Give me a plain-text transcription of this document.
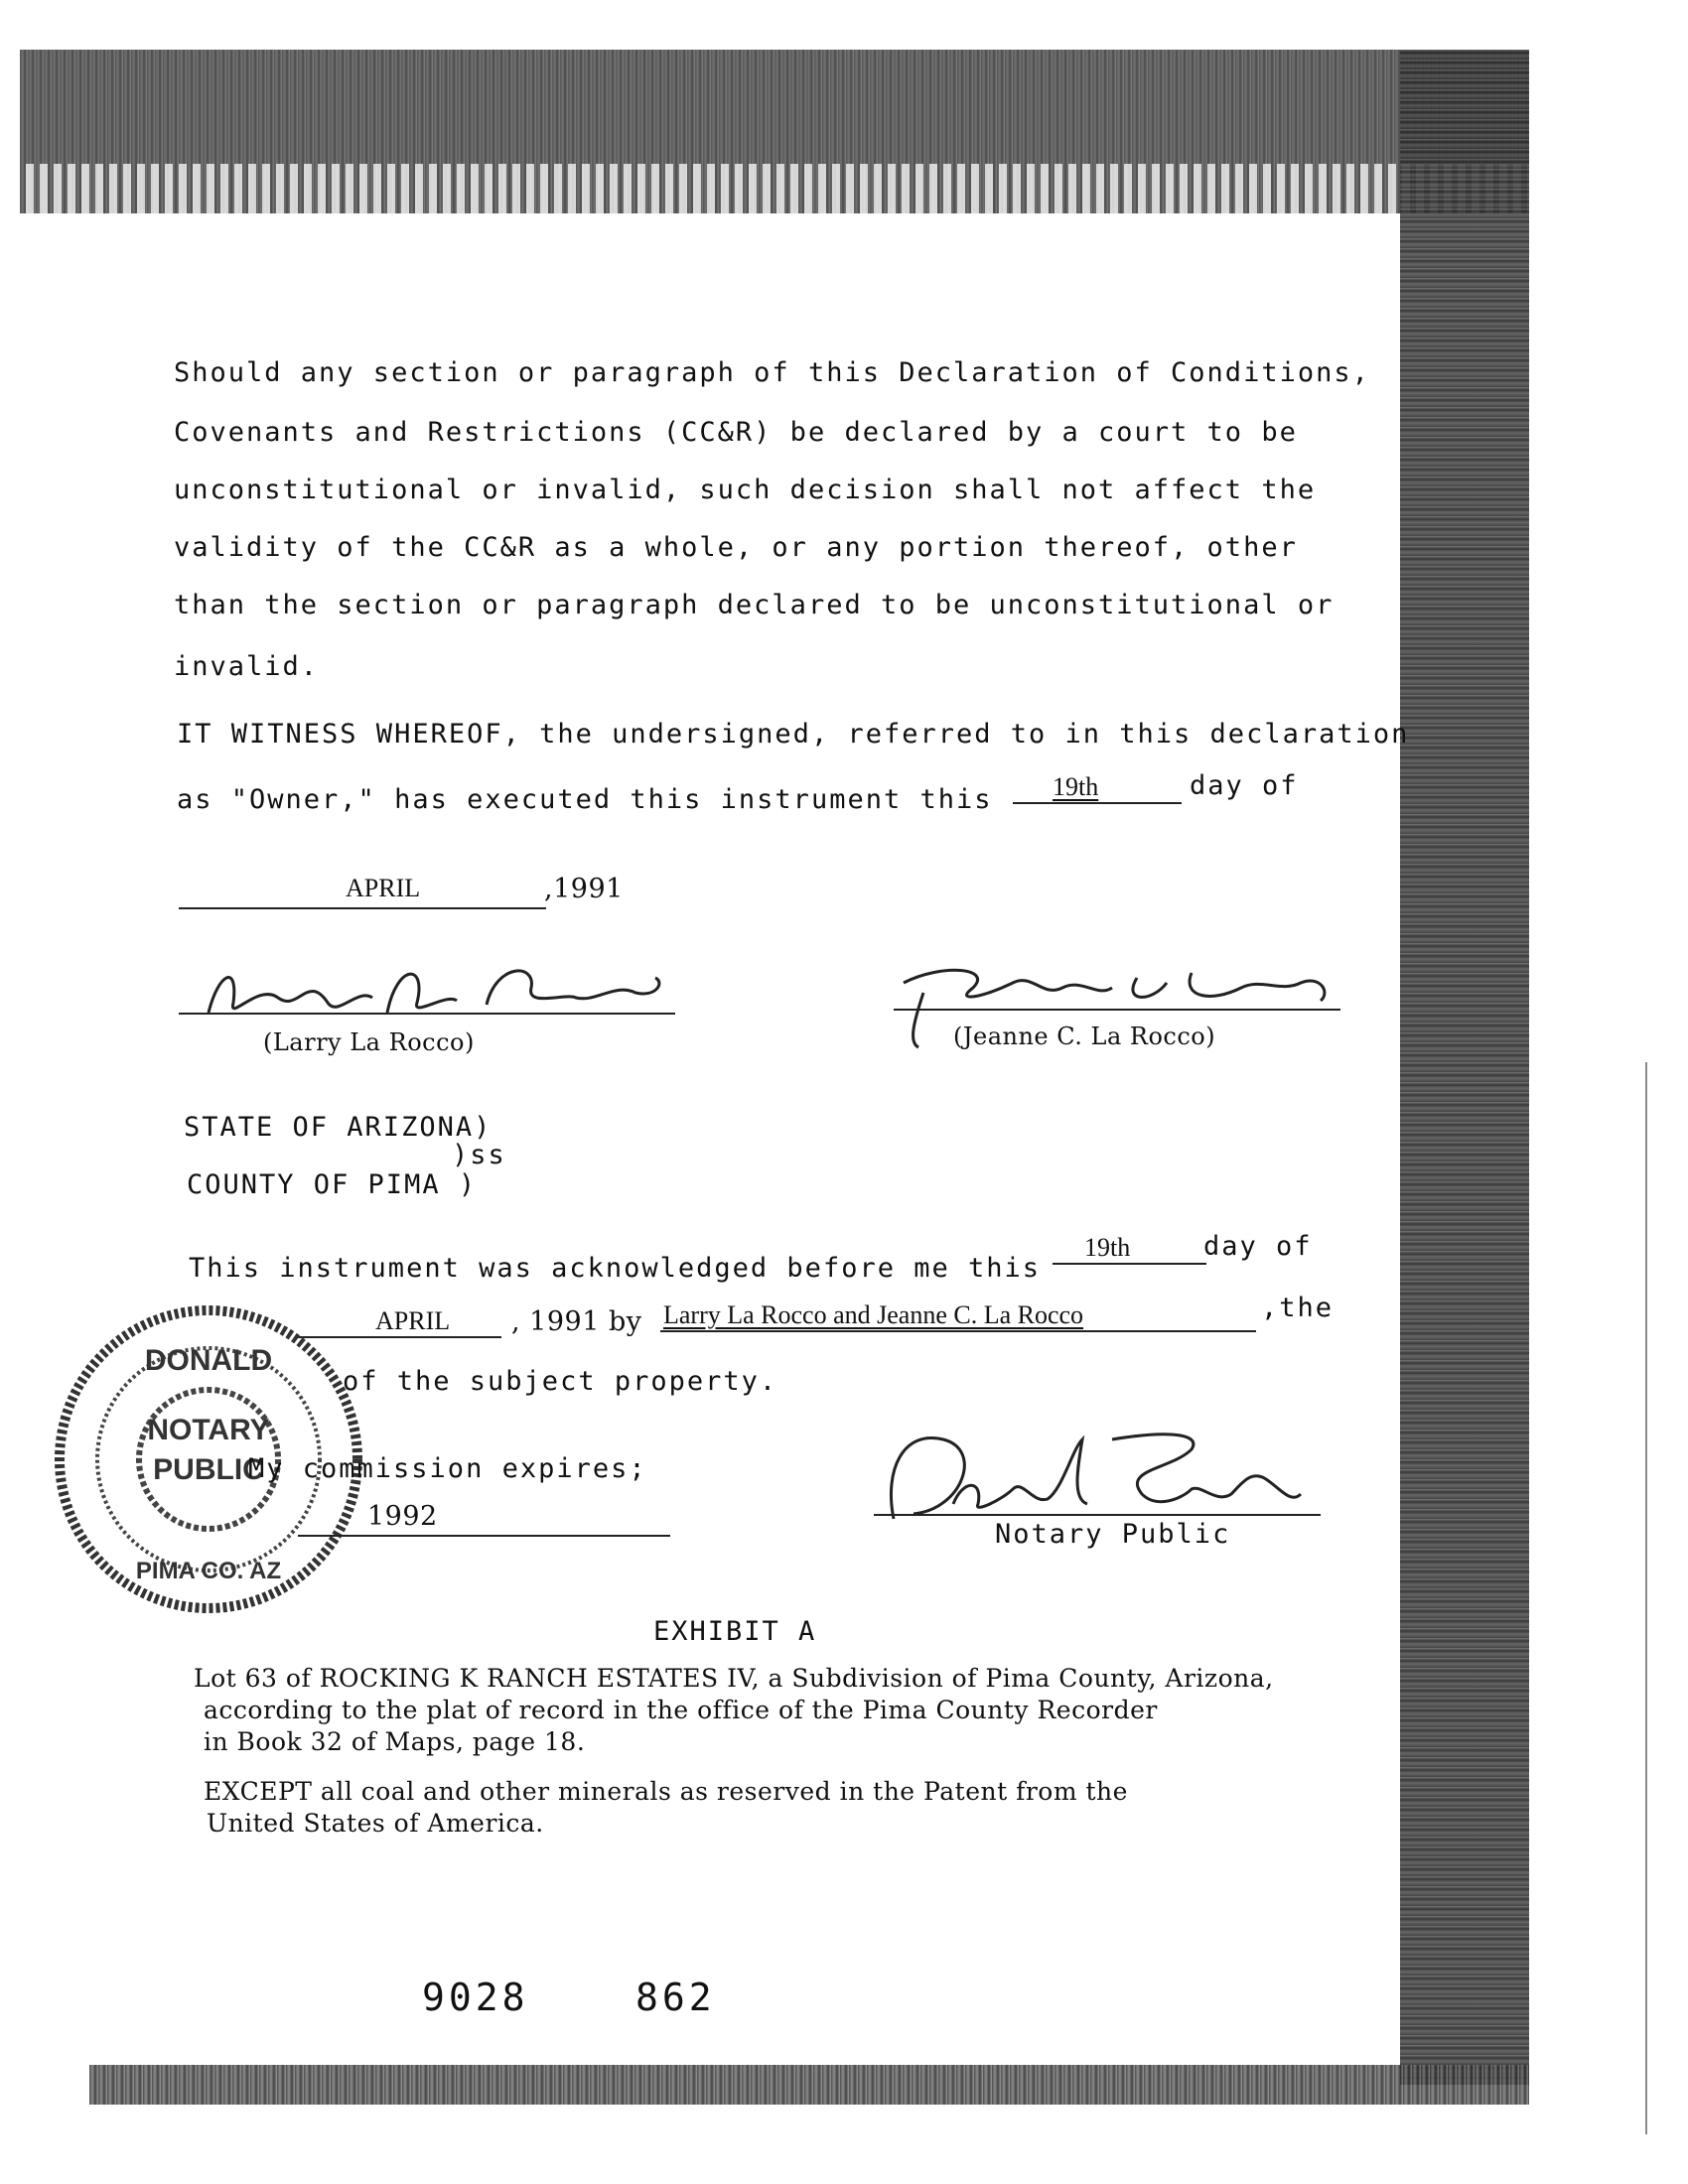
Should any section or paragraph of this Declaration of Conditions,
Covenants and Restrictions (CC&R) be declared by a court to be
unconstitutional or invalid, such decision shall not affect the
validity of the CC&R as a whole, or any portion thereof, other
than the section or paragraph declared to be unconstitutional or
invalid.
IT WITNESS WHEREOF, the undersigned, referred to in this declaration
as "Owner," has executed this instrument this 19th	day of
APRIL	,1991
(Larry La Rocco)	(Jeanne C. La Rocco)
STATE OF ARIZONA)
)ss
COUNTY OF PIMA )
This instrument was acknowledged before me this
19th	day of
APRIL , 1991 by Larry La Rocco and Jeanne C. La Rocco	,the
of the subject property.
DONALD
NOTARY
PUBLIC
PIMA CO. AZ
My commission expires;
1992
Notary Public
EXHIBIT A
Lot 63 of ROCKING K RANCH ESTATES IV, a Subdivision of Pima County, Arizona,
according to the plat of record in the office of the Pima County Recorder
in Book 32 of Maps, page 18.
EXCEPT all coal and other minerals as reserved in the Patent from the
United States of America.
9028	862
